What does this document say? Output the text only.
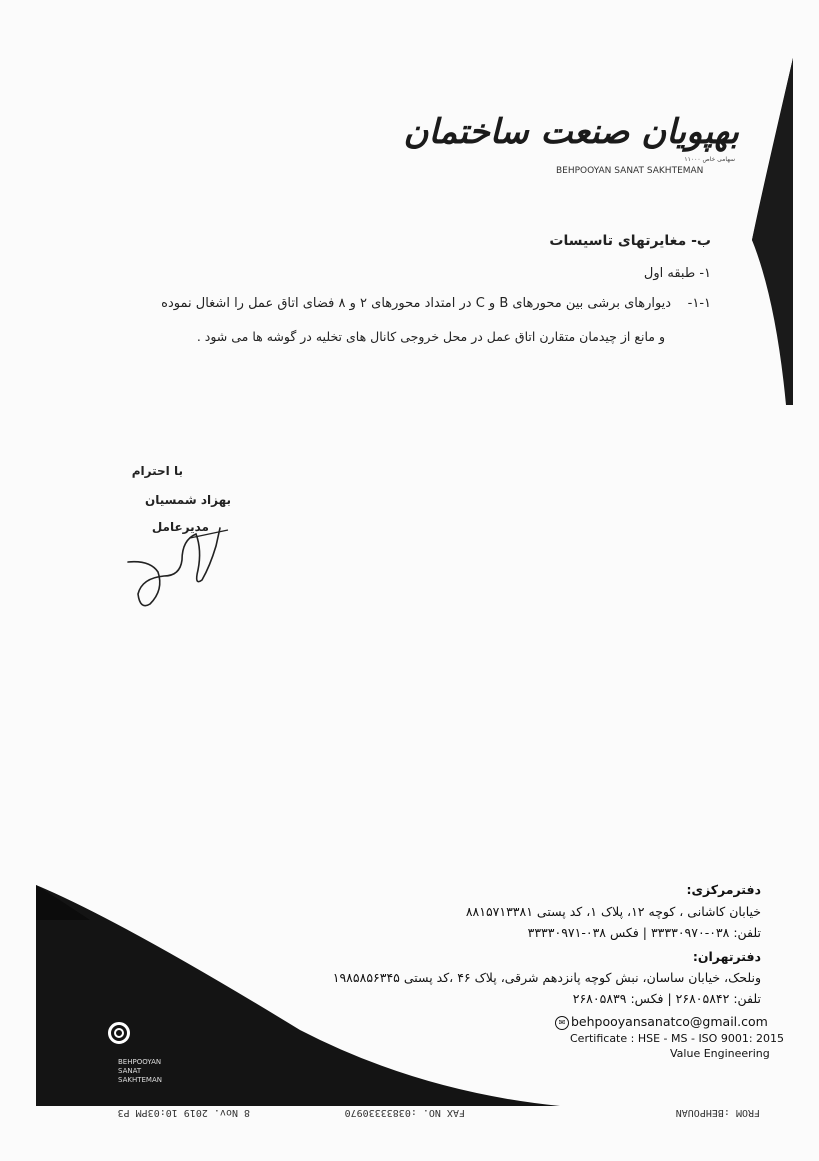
بهپویان صنعت ساختمان
سهامی خاص ۱۱۰۰۰
BEHPOOYAN SANAT SAKHTEMAN
ب- مغایرتهای تاسیسات
۱- طبقه اول
۱-۱-    دیوارهای برشی بین محورهای B و C در امتداد محورهای ۲ و ۸ فضای اتاق عمل را اشغال نموده
و مانع از چیدمان متقارن اتاق عمل در محل خروجی کانال های تخلیه در گوشه ها می شود .
با احترام
بهزاد شمسیان
مدیرعامل
BEHPOOYAN SANAT SAKHTEMAN
دفترمرکزی:
خیابان کاشانی ، کوچه ۱۲، پلاک ۱، کد پستی ۸۸۱۵۷۱۳۳۸۱
تلفن: ۰۳۸-۳۳۳۳۰۹۷۰ | فکس ۰۳۸-۳۳۳۳۰۹۷۱
دفترتهران:
ونلحک، خیابان ساسان، نبش کوچه پانزدهم شرقی، پلاک ۴۶ ،کد پستی ۱۹۸۵۸۵۶۳۴۵
تلفن: ۲۶۸۰۵۸۴۲ | فکس: ۲۶۸۰۵۸۳۹
✉ behpooyansanatco@gmail.com
Certificate : HSE - MS - ISO 9001: 2015
Value Engineering
FROM :BEHPOUAN
FAX NO. :03833330970
8 Nov. 2019 10:03PM P3
